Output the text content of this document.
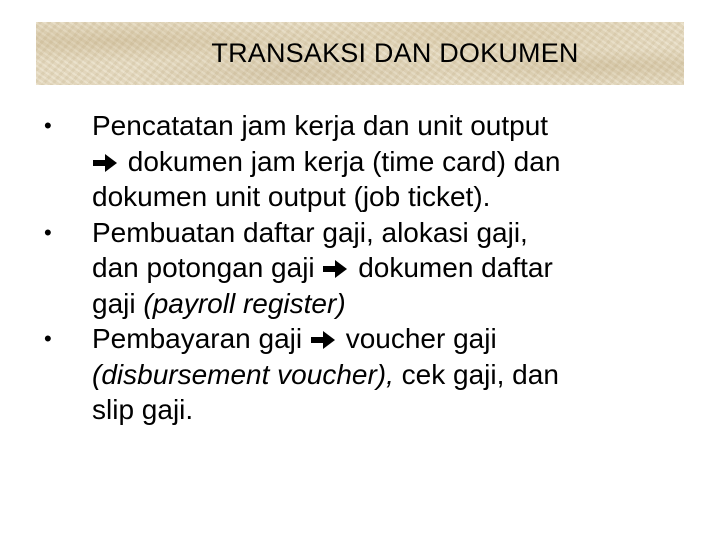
TRANSAKSI DAN DOKUMEN
• Pencatatan jam kerja dan unit output
dokumen jam kerja (time card) dan
dokumen unit output (job ticket).
• Pembuatan daftar gaji, alokasi gaji,
dan potongan gaji dokumen daftar
gaji (payroll register)
• Pembayaran gaji voucher gaji
(disbursement voucher), cek gaji, dan
slip gaji.
